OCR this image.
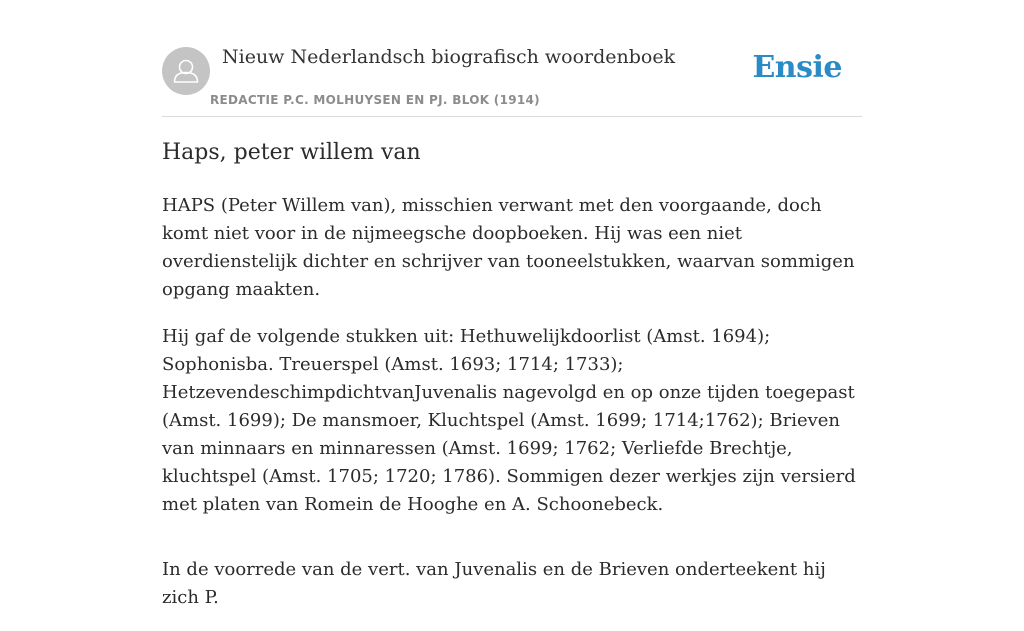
Nieuw Nederlandsch biografisch woordenboek
REDACTIE P.C. MOLHUYSEN EN PJ. BLOK (1914)
Ensie
Haps, peter willem van

HAPS (Peter Willem van), misschien verwant met den voorgaande, doch komt niet voor in de nijmeegsche doopboeken. Hij was een niet overdienstelijk dichter en schrijver van tooneelstukken, waarvan sommigen opgang maakten.

Hij gaf de volgende stukken uit: Hethuwelijkdoorlist (Amst. 1694); Sophonisba. Treuerspel (Amst. 1693; 1714; 1733); HetzevendeschimpdichtvanJuvenalis nagevolgd en op onze tijden toegepast (Amst. 1699); De mansmoer, Kluchtspel (Amst. 1699; 1714;1762); Brieven van minnaars en minnaressen (Amst. 1699; 1762; Verliefde Brechtje, kluchtspel (Amst. 1705; 1720; 1786). Sommigen dezer werkjes zijn versierd met platen van Romein de Hooghe en A. Schoonebeck.

In de voorrede van de vert. van Juvenalis en de Brieven onderteekent hij zich P.
